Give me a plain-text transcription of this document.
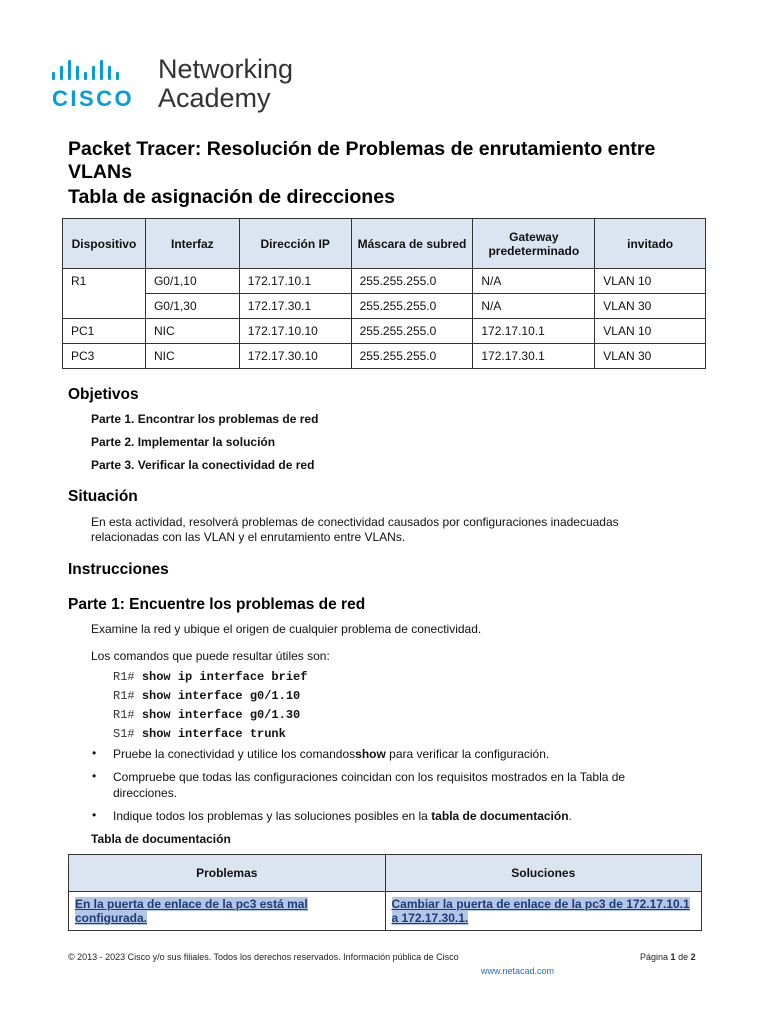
CISCO
Networking
Academy
Packet Tracer: Resolución de Problemas de enrutamiento entre VLANs
Tabla de asignación de direcciones
Dispositivo	Interfaz	Dirección IP	Máscara de subred	Gateway predeterminado	invitado
R1	G0/1,10	172.17.10.1	255.255.255.0	N/A	VLAN 10
	G0/1,30	172.17.30.1	255.255.255.0	N/A	VLAN 30
PC1	NIC	172.17.10.10	255.255.255.0	172.17.10.1	VLAN 10
PC3	NIC	172.17.30.10	255.255.255.0	172.17.30.1	VLAN 30
Objetivos
Parte 1. Encontrar los problemas de red
Parte 2. Implementar la solución
Parte 3. Verificar la conectividad de red
Situación
En esta actividad, resolverá problemas de conectividad causados por configuraciones inadecuadas relacionadas con las VLAN y el enrutamiento entre VLANs.
Instrucciones
Parte 1: Encuentre los problemas de red
Examine la red y ubique el origen de cualquier problema de conectividad.
Los comandos que puede resultar útiles son:
R1# show ip interface brief
R1# show interface g0/1.10
R1# show interface g0/1.30
S1# show interface trunk
• Pruebe la conectividad y utilice los comandosshow para verificar la configuración.
• Compruebe que todas las configuraciones coincidan con los requisitos mostrados en la Tabla de direcciones.
• Indique todos los problemas y las soluciones posibles en la tabla de documentación.
Tabla de documentación
Problemas	Soluciones
En la puerta de enlace de la pc3 está mal configurada.	Cambiar la puerta de enlace de la pc3 de 172.17.10.1 a 172.17.30.1.
© 2013 - 2023 Cisco y/o sus filiales. Todos los derechos reservados. Información pública de Cisco	Página 1 de 2
www.netacad.com
